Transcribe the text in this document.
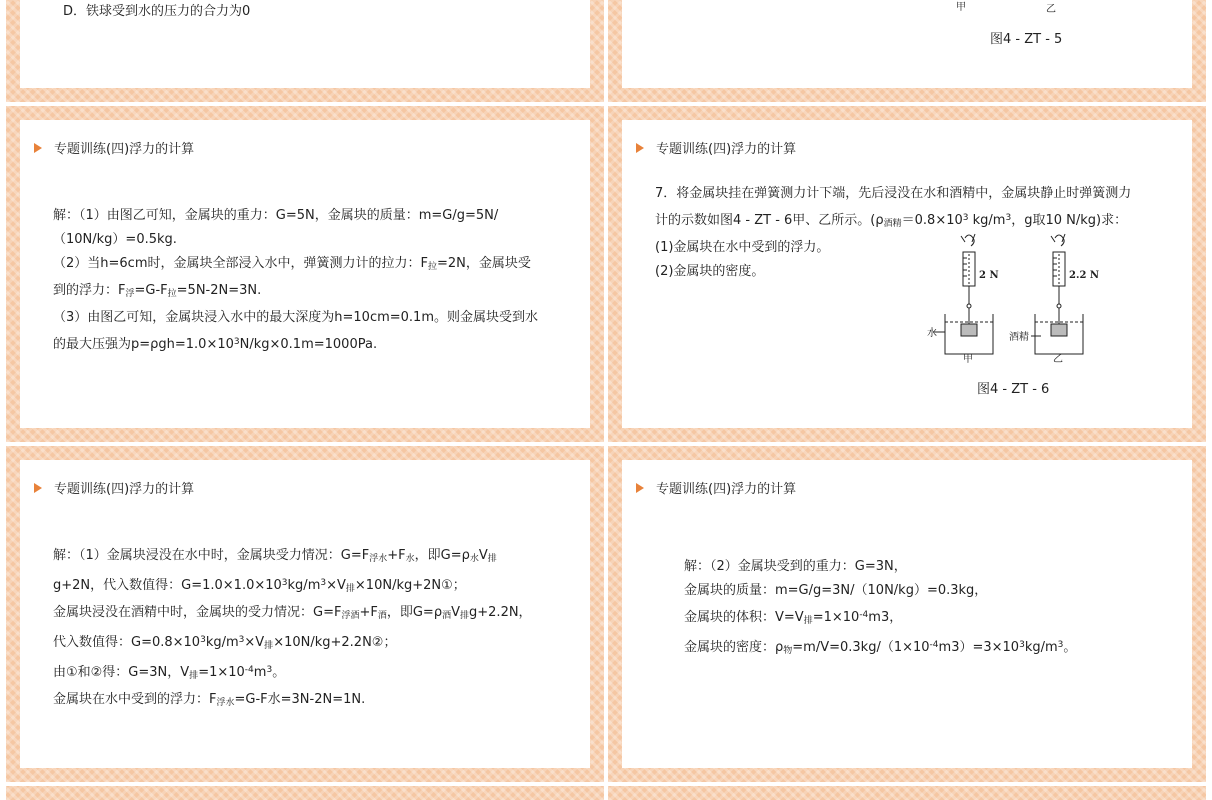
D．铁球受到水的压力的合力为0	甲	乙
图4 - ZT - 5
专题训练(四)浮力的计算

解：（1）由图乙可知，金属块的重力：G=5N，金属块的质量：m=G/g=5N/

（10N/kg）=0.5kg.

（2）当h=6cm时，金属块全部浸入水中，弹簧测力计的拉力：$F_拉=2N$，金属块受

到的浮力：$F_浮=G-F_拉=5N-2N=3N$.

（3）由图乙可知，金属块浸入水中的最大深度为h=10cm=0.1m。则金属块受到水

的最大压强为$p=\rho gh=1.0\times 10^3N/kg\times 0.1m=1000Pa$.

专题训练(四)浮力的计算

7．将金属块挂在弹簧测力计下端，先后浸没在水和酒精中，金属块静止时弹簧测力

计的示数如图4 - ZT - 6甲、乙所示。($\rho_{酒精}=0.8\times 10^3$ $kg/m^3$，g取10 N/kg)求：

(1)金属块在水中受到的浮力。

(2)金属块的密度。	2 N
水
甲
2.2 N
酒精
乙
图4 - ZT - 6
专题训练(四)浮力的计算

解：（1）金属块浸没在水中时，金属块受力情况：$G=F_{浮水}+F_水$，即$G=\rho_水V_排$

g+2N，代入数值得：$G=1.0\times 1.0\times 10^3kg/m^3\times V_排\times 10N/kg+2N①$；

金属块浸没在酒精中时，金属块的受力情况：$G=F_{浮酒}+F_酒$，即$G=\rho_酒V_排g+2.2N$，

代入数值得：$G=0.8\times 10^3kg/m^3\times V_排\times 10N/kg+2.2N②$；

由①和②得：G=3N，$V_排=1\times 10^{-4}m^3$。

金属块在水中受到的浮力：$F_{浮水}=G-F$水=3N-2N=1N.

专题训练(四)浮力的计算

解：（2）金属块受到的重力：G=3N，

金属块的质量：m=G/g=3N/（10N/kg）=0.3kg，

金属块的体积：$V=V_排=1\times 10^{-4}m3$，

金属块的密度：$\rho_物=m/V=0.3kg/(1\times 10^{-4}m3)=3\times 10^3kg/m^3$。
